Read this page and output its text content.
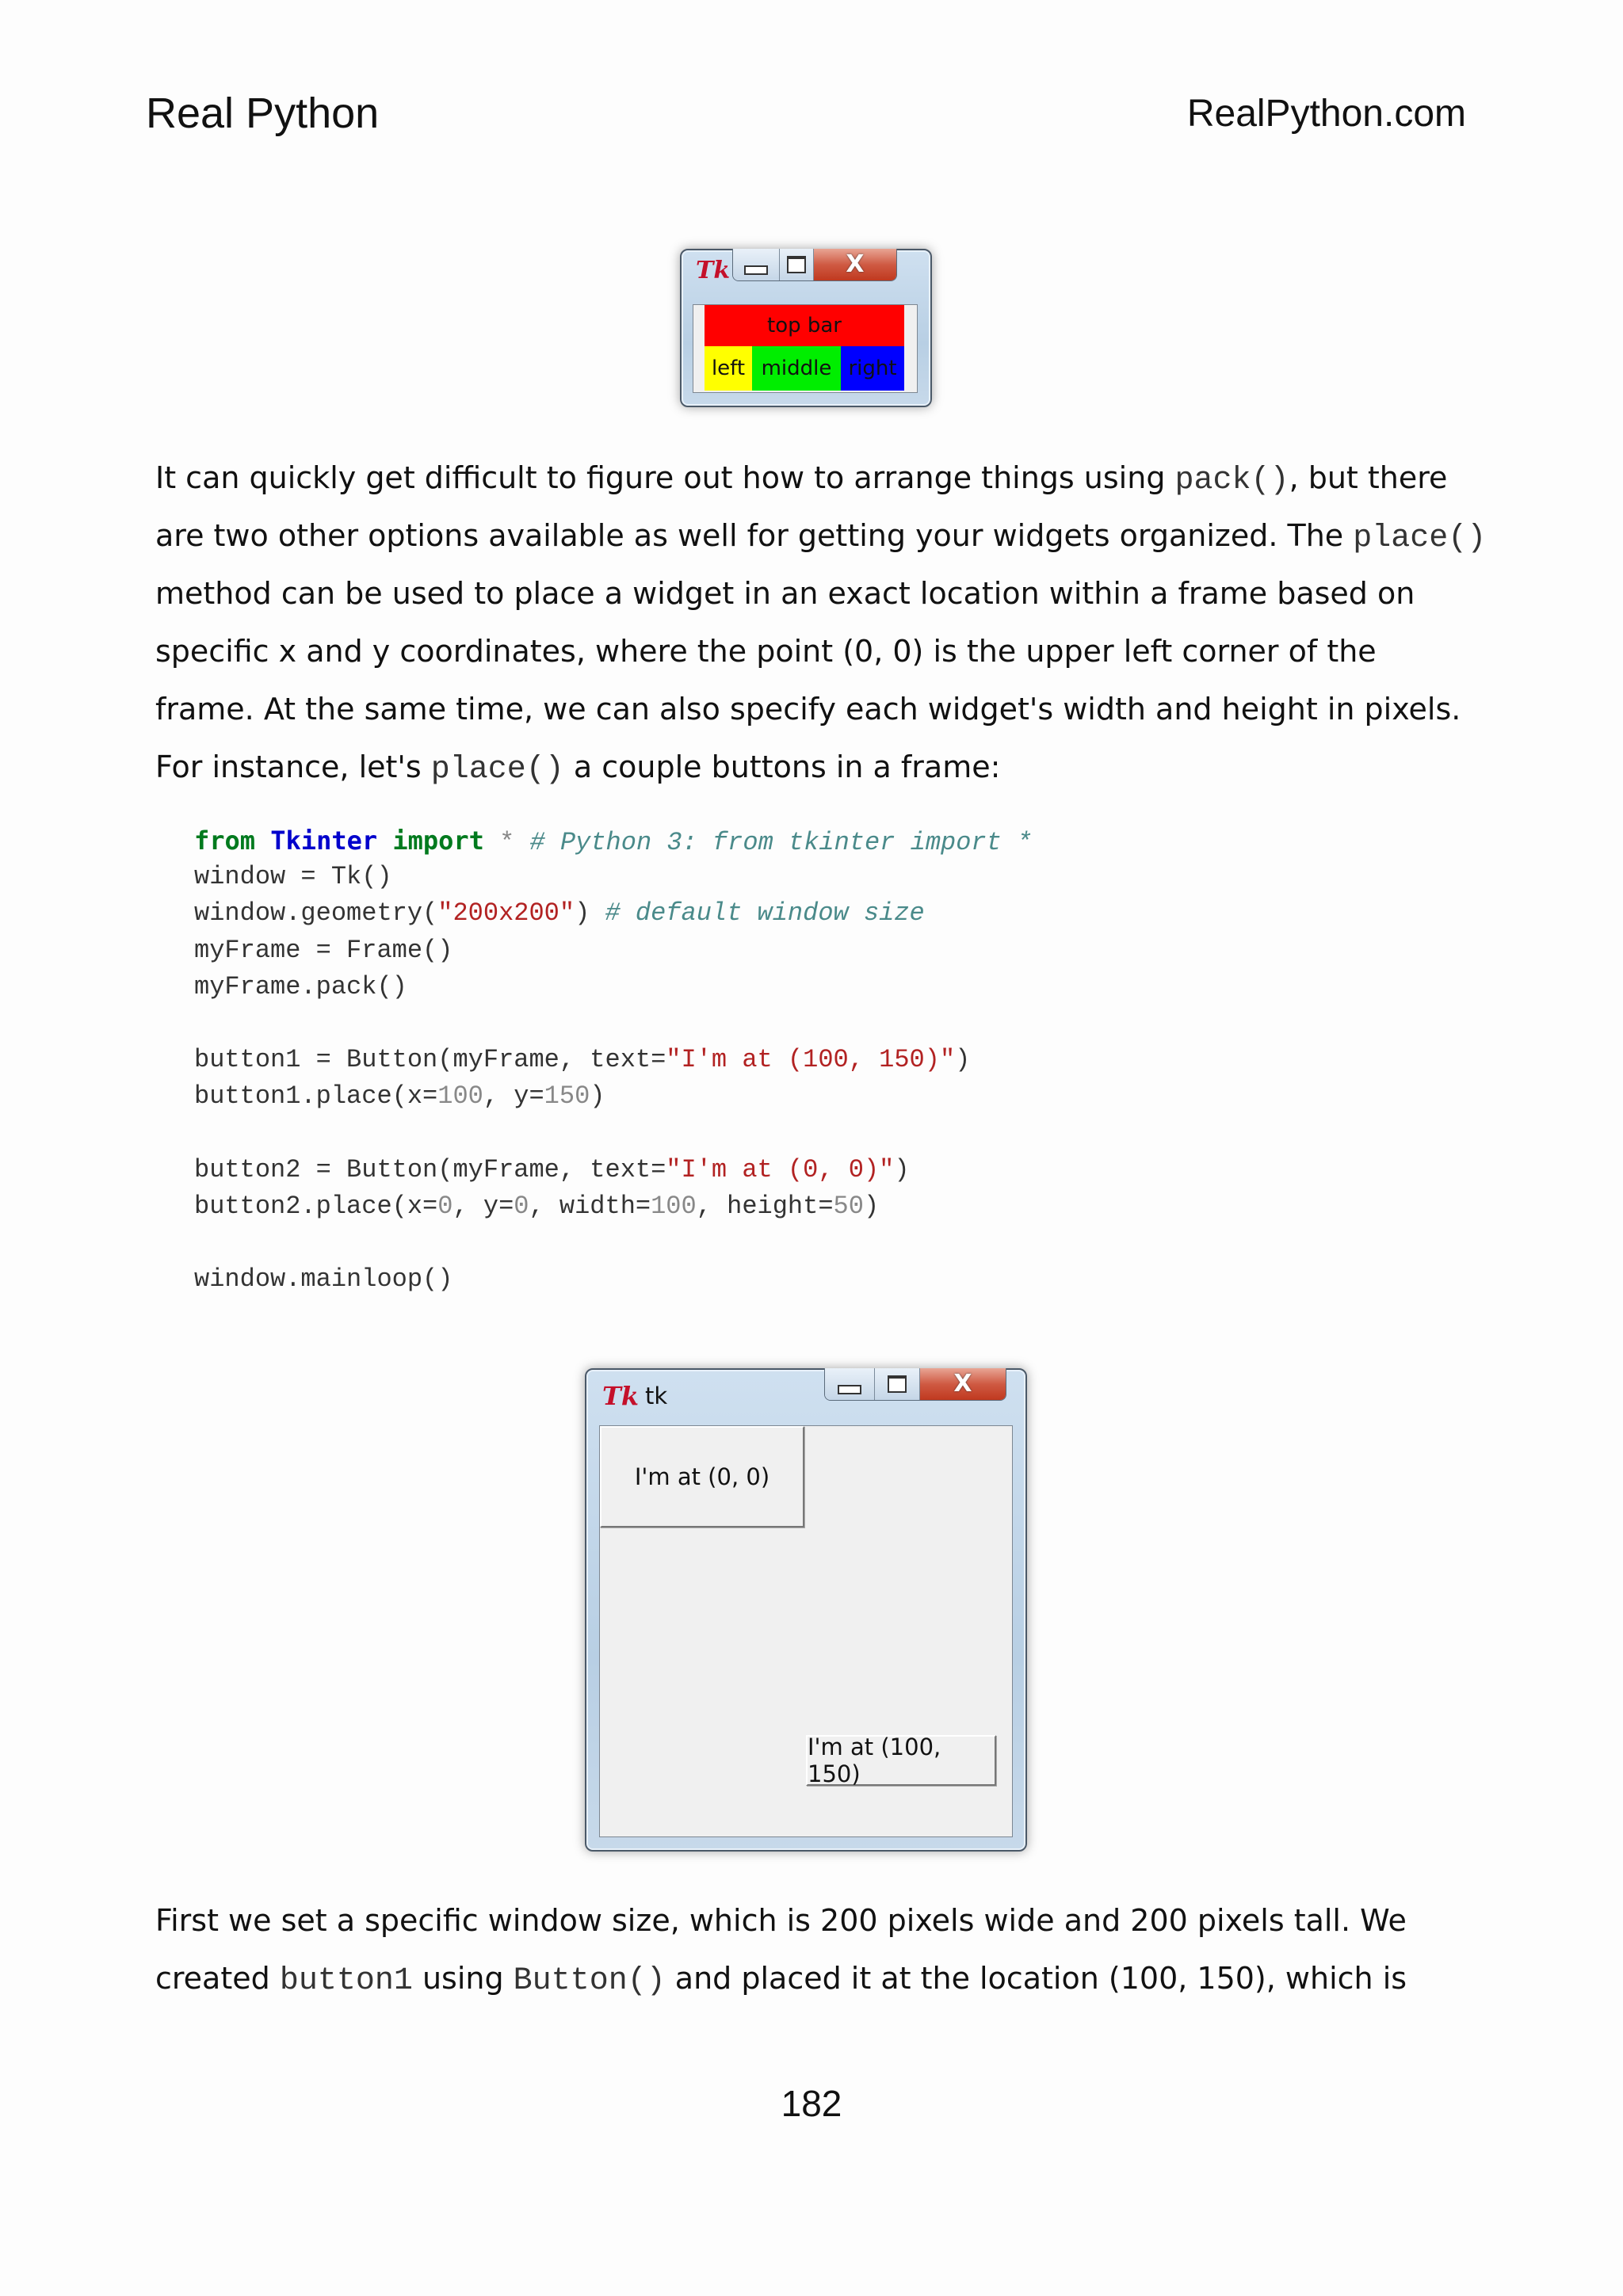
Real Python	RealPython.com
Tk	X
top bar
left middle right
It can quickly get difficult to figure out how to arrange things using pack(), but there
are two other options available as well for getting your widgets organized. The place()
method can be used to place a widget in an exact location within a frame based on
specific x and y coordinates, where the point (0, 0) is the upper left corner of the
frame. At the same time, we can also specify each widget's width and height in pixels.
For instance, let's place() a couple buttons in a frame:
from Tkinter import * # Python 3: from tkinter import *
window = Tk()
window.geometry("200x200") # default window size
myFrame = Frame()
myFrame.pack()
button1 = Button(myFrame, text="I'm at (100, 150)")
button1.place(x=100, y=150)
button2 = Button(myFrame, text="I'm at (0, 0)")
button2.place(x=0, y=0, width=100, height=50)
window.mainloop()
Tk tk	X
I'm at (0, 0)
I'm at (100, 150)
First we set a specific window size, which is 200 pixels wide and 200 pixels tall. We
created button1 using Button() and placed it at the location (100, 150), which is
182
